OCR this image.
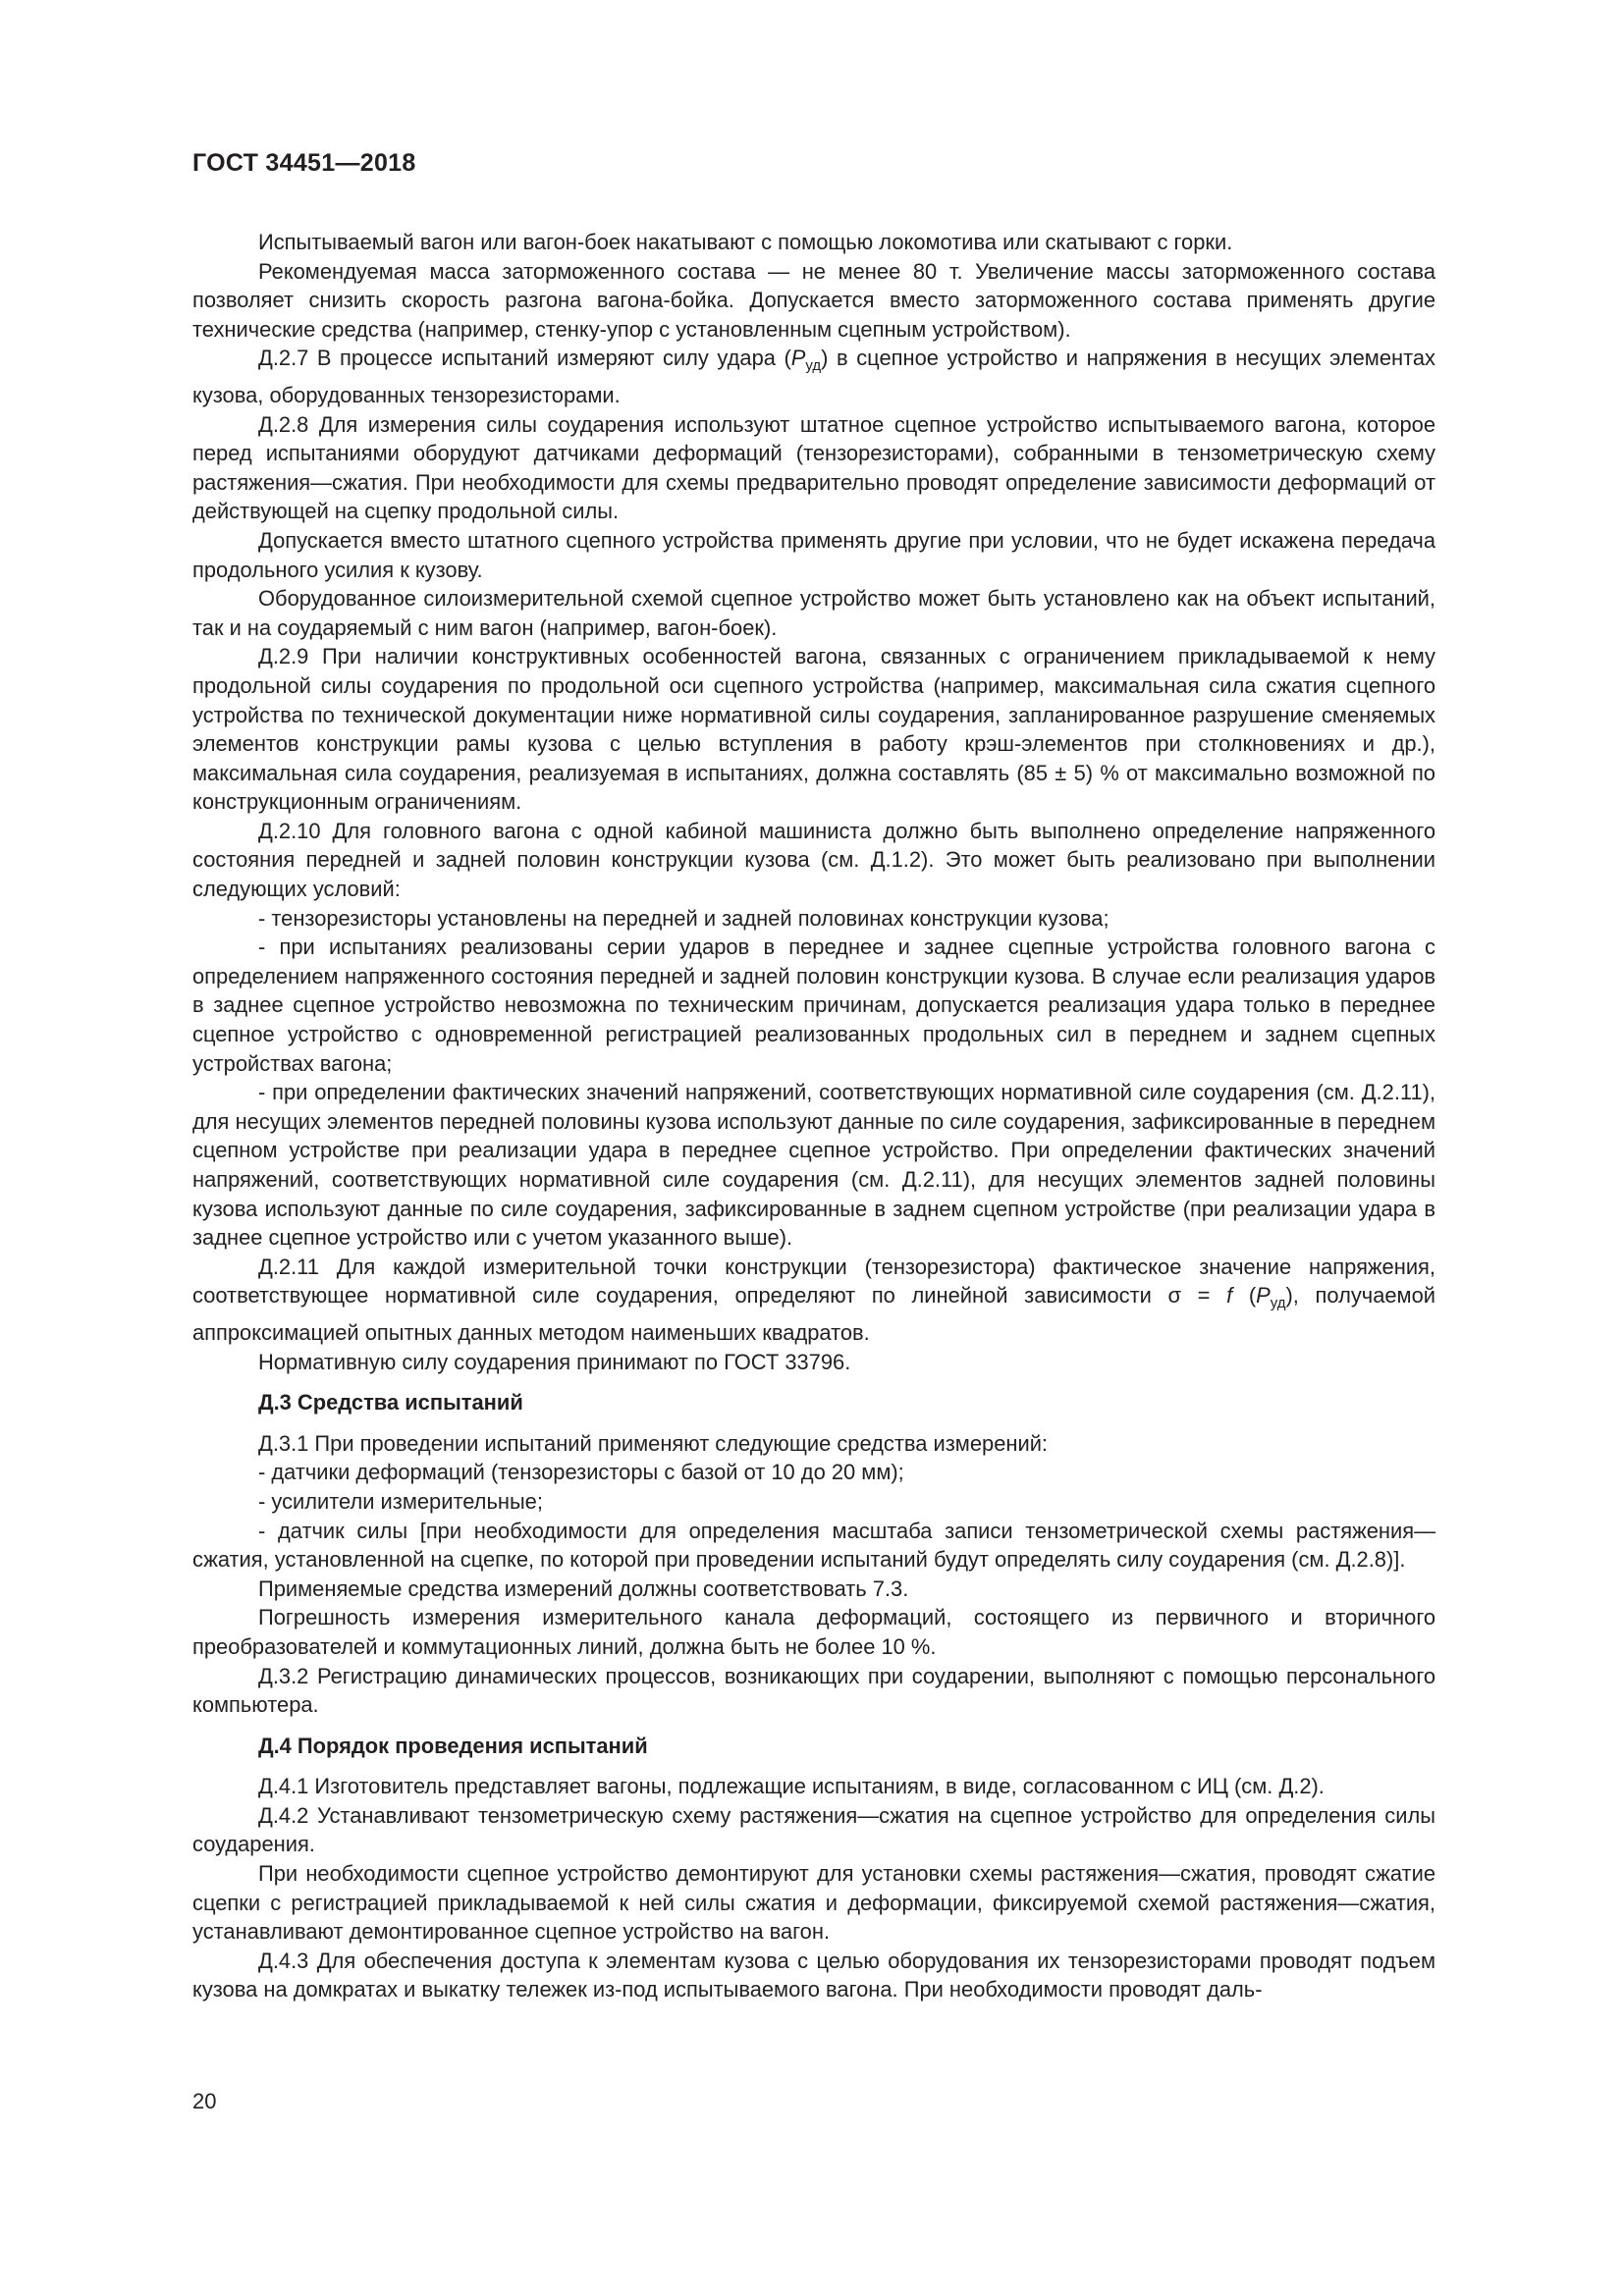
ГОСТ 34451—2018

Испытываемый вагон или вагон-боек накатывают с помощью локомотива или скатывают с горки.

Рекомендуемая масса заторможенного состава — не менее 80 т. Увеличение массы заторможенного состава позволяет снизить скорость разгона вагона-бойка. Допускается вместо заторможенного состава применять другие технические средства (например, стенку-упор с установленным сцепным устройством).

Д.2.7 В процессе испытаний измеряют силу удара $(Р_{уд})$ в сцепное устройство и напряжения в несущих элементах кузова, оборудованных тензорезисторами.

Д.2.8 Для измерения силы соударения используют штатное сцепное устройство испытываемого вагона, которое перед испытаниями оборудуют датчиками деформаций (тензорезисторами), собранными в тензометрическую схему растяжения—сжатия. При необходимости для схемы предварительно проводят определение зависимости деформаций от действующей на сцепку продольной силы.

Допускается вместо штатного сцепного устройства применять другие при условии, что не будет искажена передача продольного усилия к кузову.

Оборудованное силоизмерительной схемой сцепное устройство может быть установлено как на объект испытаний, так и на соударяемый с ним вагон (например, вагон-боек).

Д.2.9 При наличии конструктивных особенностей вагона, связанных с ограничением прикладываемой к нему продольной силы соударения по продольной оси сцепного устройства (например, максимальная сила сжатия сцепного устройства по технической документации ниже нормативной силы соударения, запланированное разрушение сменяемых элементов конструкции рамы кузова с целью вступления в работу крэш-элементов при столкновениях и др.), максимальная сила соударения, реализуемая в испытаниях, должна составлять (85 ± 5) % от максимально возможной по конструкционным ограничениям.

Д.2.10 Для головного вагона с одной кабиной машиниста должно быть выполнено определение напряженного состояния передней и задней половин конструкции кузова (см. Д.1.2). Это может быть реализовано при выполнении следующих условий:

- тензорезисторы установлены на передней и задней половинах конструкции кузова;

- при испытаниях реализованы серии ударов в переднее и заднее сцепные устройства головного вагона с определением напряженного состояния передней и задней половин конструкции кузова. В случае если реализация ударов в заднее сцепное устройство невозможна по техническим причинам, допускается реализация удара только в переднее сцепное устройство с одновременной регистрацией реализованных продольных сил в переднем и заднем сцепных устройствах вагона;

- при определении фактических значений напряжений, соответствующих нормативной силе соударения (см. Д.2.11), для несущих элементов передней половины кузова используют данные по силе соударения, зафиксированные в переднем сцепном устройстве при реализации удара в переднее сцепное устройство. При определении фактических значений напряжений, соответствующих нормативной силе соударения (см. Д.2.11), для несущих элементов задней половины кузова используют данные по силе соударения, зафиксированные в заднем сцепном устройстве (при реализации удара в заднее сцепное устройство или с учетом указанного выше).

Д.2.11 Для каждой измерительной точки конструкции (тензорезистора) фактическое значение напряжения, соответствующее нормативной силе соударения, определяют по линейной зависимости σ = f $(Р_{уд})$, получаемой аппроксимацией опытных данных методом наименьших квадратов.

Нормативную силу соударения принимают по ГОСТ 33796.

Д.3 Средства испытаний

Д.3.1 При проведении испытаний применяют следующие средства измерений:

- датчики деформаций (тензорезисторы с базой от 10 до 20 мм);

- усилители измерительные;

- датчик силы [при необходимости для определения масштаба записи тензометрической схемы растяжения—сжатия, установленной на сцепке, по которой при проведении испытаний будут определять силу соударения (см. Д.2.8)].

Применяемые средства измерений должны соответствовать 7.3.

Погрешность измерения измерительного канала деформаций, состоящего из первичного и вторичного преобразователей и коммутационных линий, должна быть не более 10 %.

Д.3.2 Регистрацию динамических процессов, возникающих при соударении, выполняют с помощью персонального компьютера.

Д.4 Порядок проведения испытаний

Д.4.1 Изготовитель представляет вагоны, подлежащие испытаниям, в виде, согласованном с ИЦ (см. Д.2).

Д.4.2 Устанавливают тензометрическую схему растяжения—сжатия на сцепное устройство для определения силы соударения.

При необходимости сцепное устройство демонтируют для установки схемы растяжения—сжатия, проводят сжатие сцепки с регистрацией прикладываемой к ней силы сжатия и деформации, фиксируемой схемой растяжения—сжатия, устанавливают демонтированное сцепное устройство на вагон.

Д.4.3 Для обеспечения доступа к элементам кузова с целью оборудования их тензорезисторами проводят подъем кузова на домкратах и выкатку тележек из-под испытываемого вагона. При необходимости проводят даль-

20
